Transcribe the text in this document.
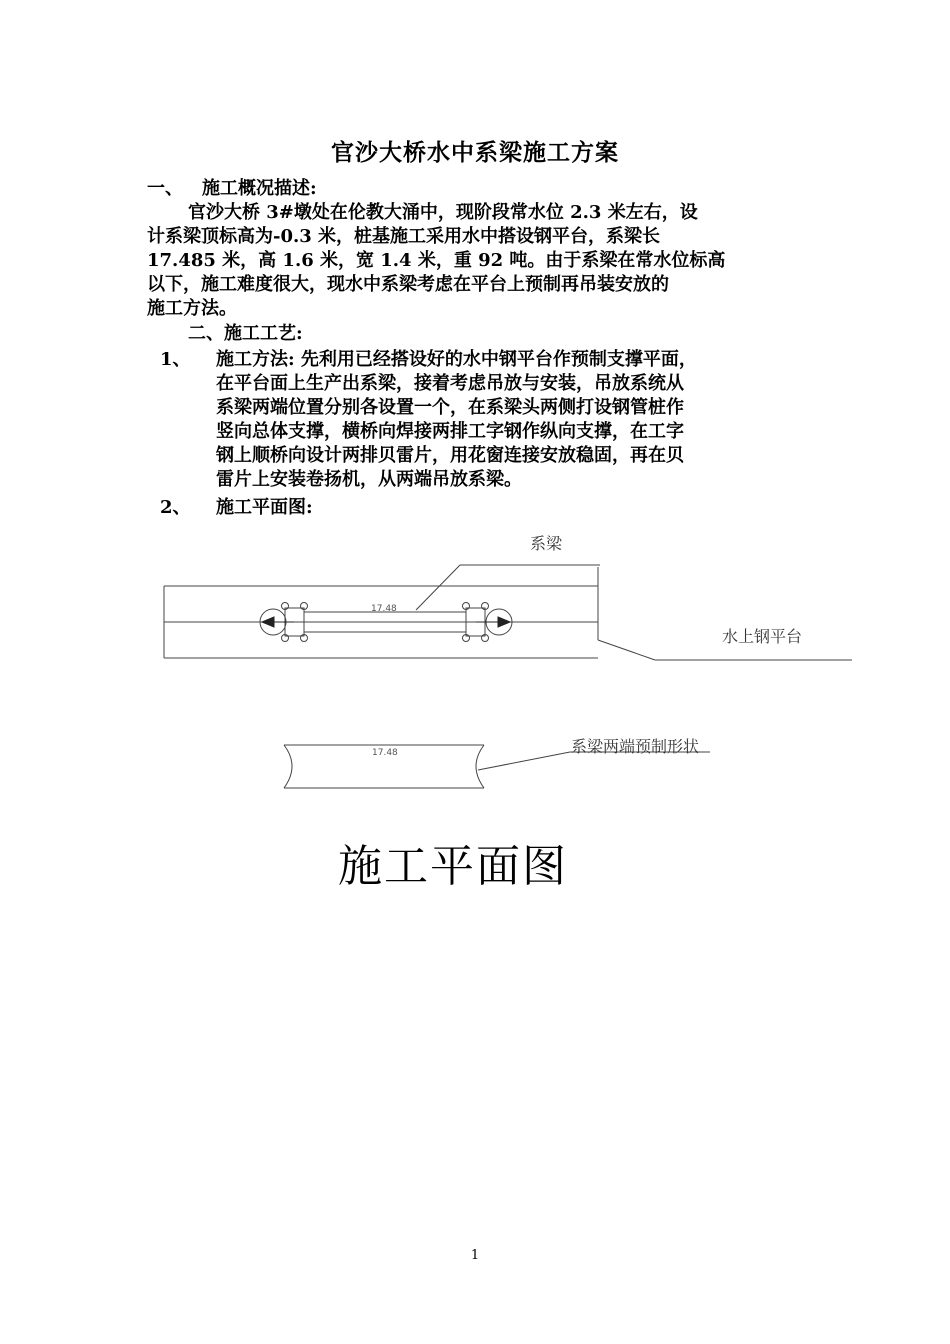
官沙大桥水中系梁施工方案
一、 施工概况描述:
官沙大桥 3#墩处在伦教大涌中，现阶段常水位 2.3 米左右，设
计系梁顶标高为-0.3 米，桩基施工采用水中搭设钢平台，系梁长
17.485 米，高 1.6 米，宽 1.4 米，重 92 吨。由于系梁在常水位标高
以下，施工难度很大，现水中系梁考虑在平台上预制再吊装安放的
施工方法。
二、施工工艺:
1、 施工方法: 先利用已经搭设好的水中钢平台作预制支撑平面，
在平台面上生产出系梁，接着考虑吊放与安装，吊放系统从
系梁两端位置分别各设置一个，在系梁头两侧打设钢管桩作
竖向总体支撑，横桥向焊接两排工字钢作纵向支撑，在工字
钢上顺桥向设计两排贝雷片，用花窗连接安放稳固，再在贝
雷片上安装卷扬机，从两端吊放系梁。
2、 施工平面图:
系梁
水上钢平台
17.48
17.48	系梁两端预制形状
施工平面图
1
